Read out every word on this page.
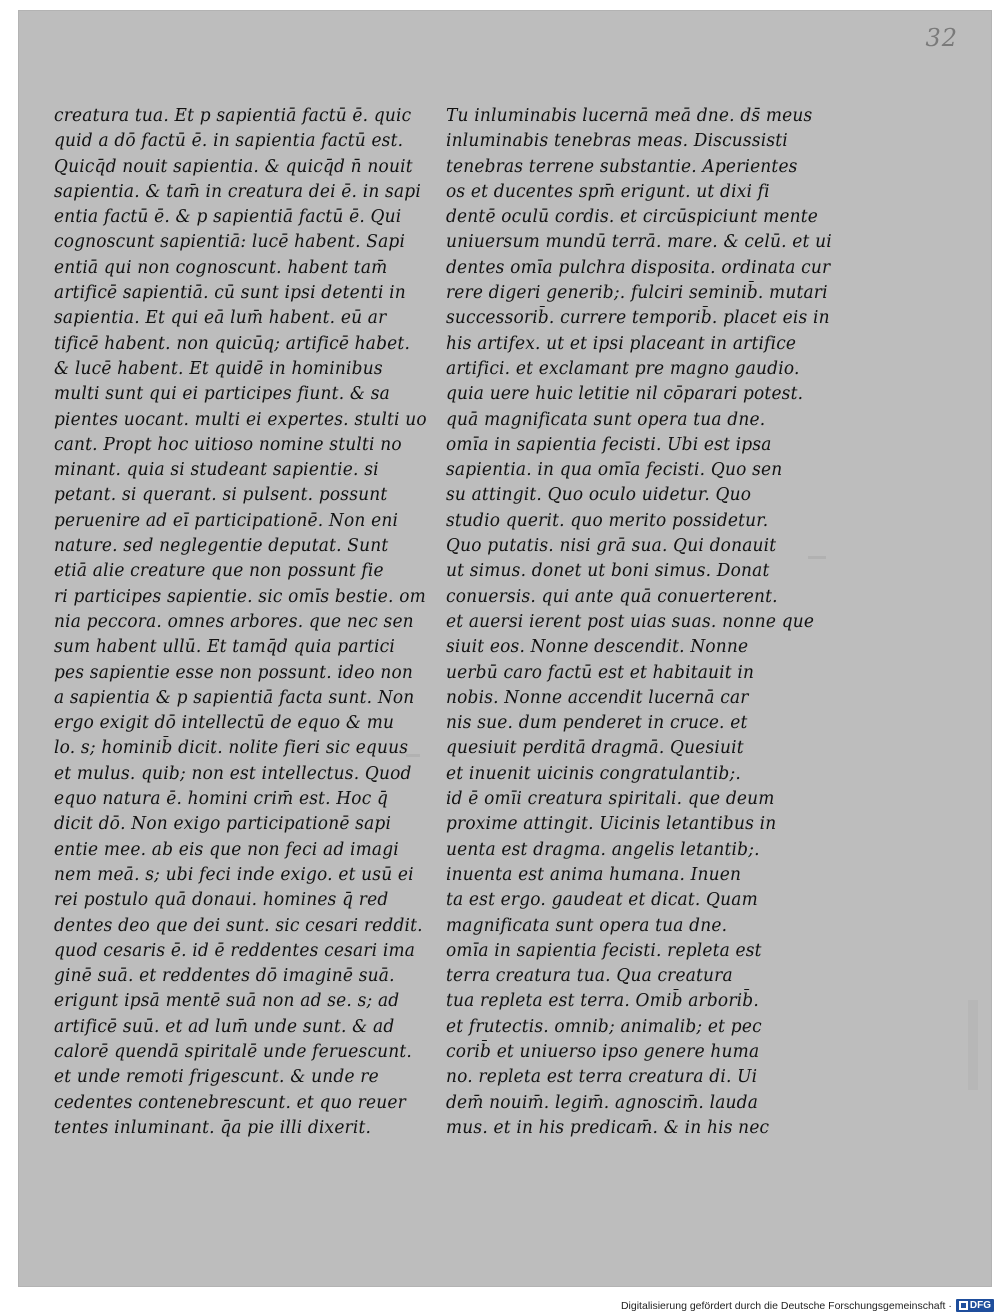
32
creatura tua. Et p sapientiā factū ē. quic
quid a dō factū ē. in sapientia factū est.
Quicq̄d nouit sapientia. & quicq̄d n̄ nouit
sapientia. & tam̄ in creatura dei ē. in sapi
entia factū ē. & p sapientiā factū ē. Qui
cognoscunt sapientiā: lucē habent. Sapi
entiā qui non cognoscunt. habent tam̄
artificē sapientiā. cū sunt ipsi detenti in
sapientia. Et qui eā lum̄ habent. eū ar
tificē habent. non quicūq; artificē habet.
& lucē habent. Et quidē in hominibus
multi sunt qui ei participes fiunt. & sa
pientes uocant. multi ei expertes. stulti uo
cant. Propt hoc uitioso nomine stulti no
minant. quia si studeant sapientie. si
petant. si querant. si pulsent. possunt
peruenire ad eī participationē. Non eni
nature. sed neglegentie deputat. Sunt
etiā alie creature que non possunt fie
ri participes sapientie. sic omīs bestie. om
nia peccora. omnes arbores. que nec sen
sum habent ullū. Et tamq̄d quia partici
pes sapientie esse non possunt. ideo non
a sapientia & p sapientiā facta sunt. Non
ergo exigit dō intellectū de equo & mu
lo. s; hominib̄ dicit. nolite fieri sic equus
et mulus. quib; non est intellectus. Quod
equo natura ē. homini crim̄ est. Hoc q̄
dicit dō. Non exigo participationē sapi
entie mee. ab eis que non feci ad imagi
nem meā. s; ubi feci inde exigo. et usū ei
rei postulo quā donaui. homines q̄ red
dentes deo que dei sunt. sic cesari reddit.
quod cesaris ē. id ē reddentes cesari ima
ginē suā. et reddentes dō imaginē suā.
erigunt ipsā mentē suā non ad se. s; ad
artificē suū. et ad lum̄ unde sunt. & ad
calorē quendā spiritalē unde feruescunt.
et unde remoti frigescunt. & unde re
cedentes contenebrescunt. et quo reuer
tentes inluminant. q̄a pie illi dixerit.
Tu inluminabis lucernā meā dne. ds̄ meus
inluminabis tenebras meas. Discussisti
tenebras terrene substantie. Aperientes
os et ducentes spm̄ erigunt. ut dixi fi
dentē oculū cordis. et circūspiciunt mente
uniuersum mundū terrā. mare. & celū. et ui
dentes omīa pulchra disposita. ordinata cur
rere digeri generib;. fulciri seminib̄. mutari
successorib̄. currere temporib̄. placet eis in
his artifex. ut et ipsi placeant in artifice
artifici. et exclamant pre magno gaudio.
quia uere huic letitie nil cōparari potest.
quā magnificata sunt opera tua dne.
omīa in sapientia fecisti. Ubi est ipsa
sapientia. in qua omīa fecisti. Quo sen
su attingit. Quo oculo uidetur. Quo
studio querit. quo merito possidetur.
Quo putatis. nisi grā sua. Qui donauit
ut simus. donet ut boni simus. Donat
conuersis. qui ante quā conuerterent.
et auersi ierent post uias suas. nonne que
siuit eos. Nonne descendit. Nonne
uerbū caro factū est et habitauit in
nobis. Nonne accendit lucernā car
nis sue. dum penderet in cruce. et
quesiuit perditā dragmā. Quesiuit
et inuenit uicinis congratulantib;.
id ē omīi creatura spiritali. que deum
proxime attingit. Uicinis letantibus in
uenta est dragma. angelis letantib;.
inuenta est anima humana. Inuen
ta est ergo. gaudeat et dicat. Quam
magnificata sunt opera tua dne.
omīa in sapientia fecisti. repleta est
terra creatura tua. Qua creatura
tua repleta est terra. Omib̄ arborib̄.
et frutectis. omnib; animalib; et pec
corib̄ et uniuerso ipso genere huma
no. repleta est terra creatura di. Ui
dem̄ nouim̄. legim̄. agnoscim̄. lauda
mus. et in his predicam̄. & in his nec
Digitalisierung gefördert durch die Deutsche Forschungsgemeinschaft · DFG
